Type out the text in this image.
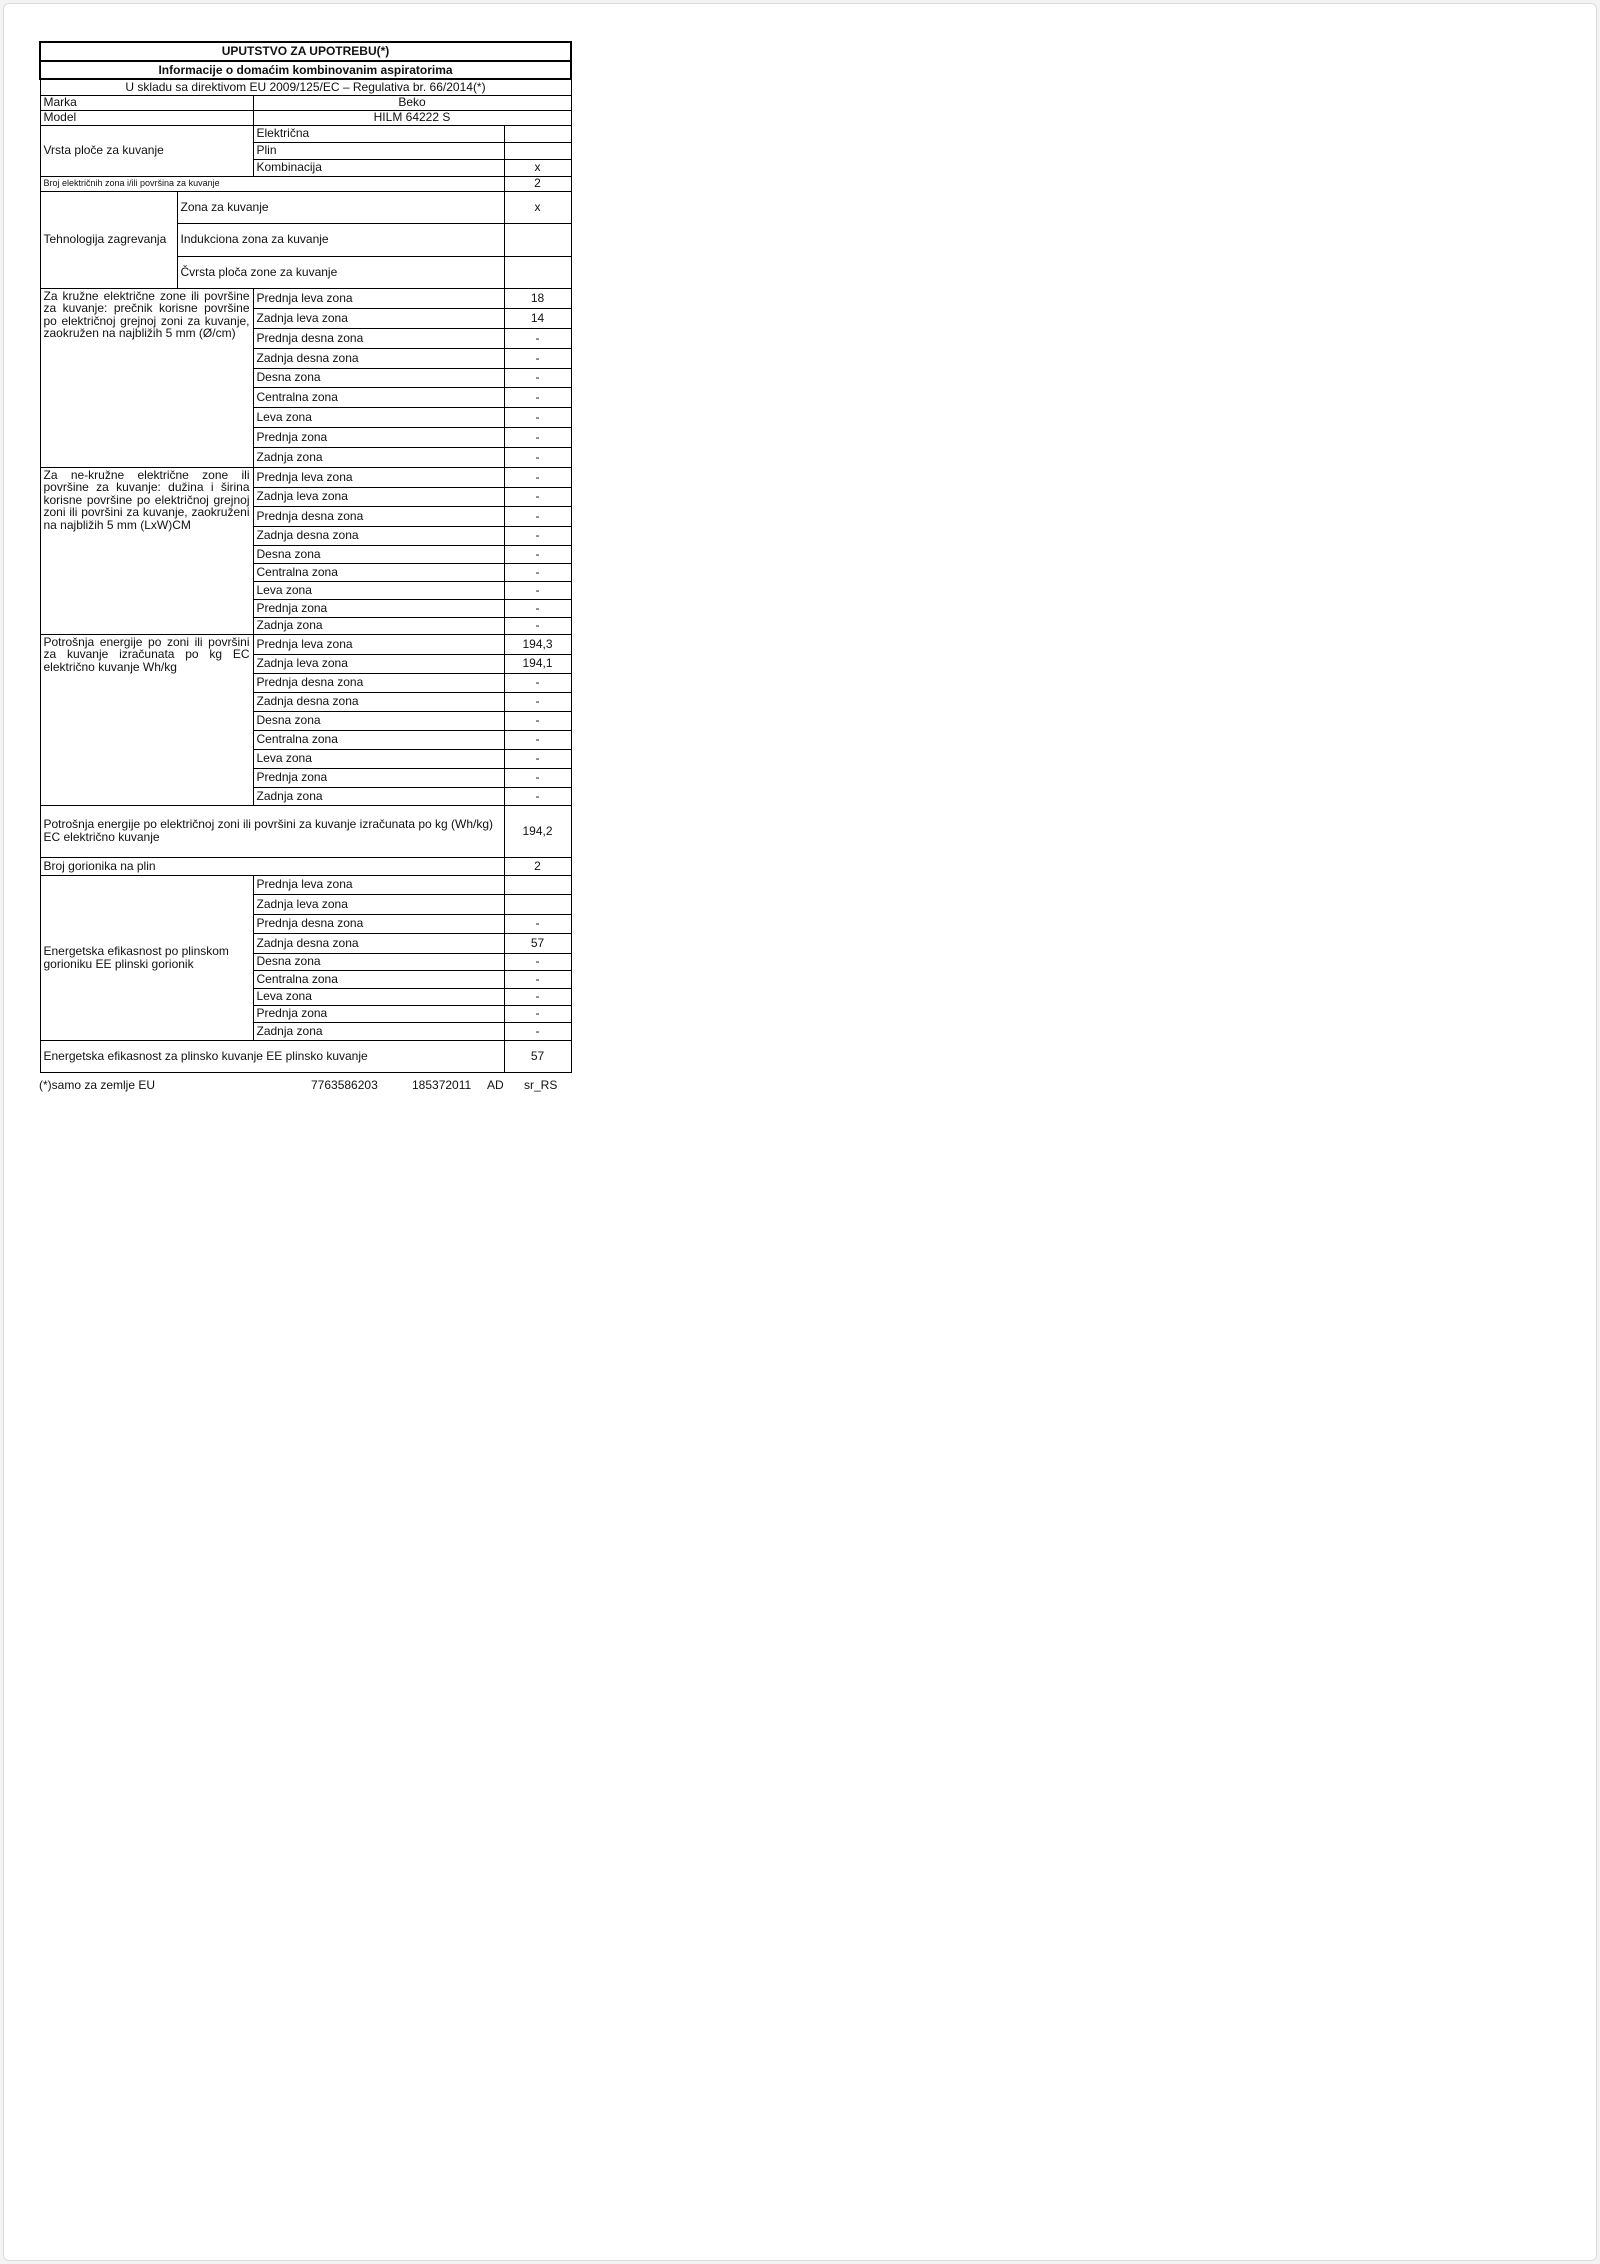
UPUTSTVO ZA UPOTREBU(*)			
Informacije o domaćim kombinovanim aspiratorima			
U skladu sa direktivom EU 2009/125/EC – Regulativa br. 66/2014(*)			
Marka		Beko	
Model		HILM 64222 S	
Vrsta ploče za kuvanje		Električna	
		Plin	
		Kombinacija	x
Broj električnih zona i/ili površina za kuvanje			2
Tehnologija zagrevanja	Zona za kuvanje		x
	Indukciona zona za kuvanje		
	Čvrsta ploča zone za kuvanje		
Za kružne električne zone ili površine za kuvanje: prečnik korisne površine po električnoj grejnoj zoni za kuvanje, zaokružen na najbližih 5 mm (Ø/cm)		Prednja leva zona	18
		Zadnja leva zona	14
		Prednja desna zona	-
		Zadnja desna zona	-
		Desna zona	-
		Centralna zona	-
		Leva zona	-
		Prednja zona	-
		Zadnja zona	-
Za ne-kružne električne zone ili površine za kuvanje: dužina i širina korisne površine po električnoj grejnoj zoni ili površini za kuvanje, zaokruženi na najbližih 5 mm (LxW)CM		Prednja leva zona	-
		Zadnja leva zona	-
		Prednja desna zona	-
		Zadnja desna zona	-
		Desna zona	-
		Centralna zona	-
		Leva zona	-
		Prednja zona	-
		Zadnja zona	-
Potrošnja energije po zoni ili površini za kuvanje izračunata po kg EC električno kuvanje Wh/kg		Prednja leva zona	194,3
		Zadnja leva zona	194,1
		Prednja desna zona	-
		Zadnja desna zona	-
		Desna zona	-
		Centralna zona	-
		Leva zona	-
		Prednja zona	-
		Zadnja zona	-
Potrošnja energije po električnoj zoni ili površini za kuvanje izračunata po kg (Wh/kg) EC električno kuvanje			194,2
Broj gorionika na plin			2
Energetska efikasnost po plinskom gorioniku EE plinski gorionik		Prednja leva zona	
		Zadnja leva zona	
		Prednja desna zona	-
		Zadnja desna zona	57
		Desna zona	-
		Centralna zona	-
		Leva zona	-
		Prednja zona	-
		Zadnja zona	-
Energetska efikasnost za plinsko kuvanje EE plinsko kuvanje			57
(*)samo za zemlje EU	7763586203	185372011 AD sr_RS
